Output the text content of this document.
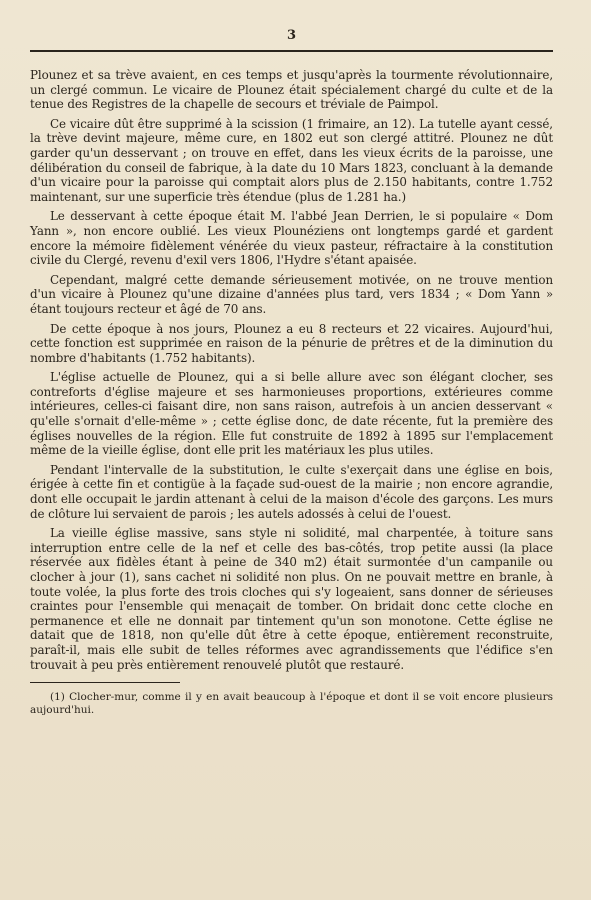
3

Plounez et sa trève avaient, en ces temps et jusqu'après la tourmente révolutionnaire, un clergé commun. Le vicaire de Plounez était spécialement chargé du culte et de la tenue des Registres de la chapelle de secours et tréviale de Paimpol.

Ce vicaire dût être supprimé à la scission (1 frimaire, an 12). La tutelle ayant cessé, la trève devint majeure, même cure, en 1802 eut son clergé attitré. Plounez ne dût garder qu'un desservant ; on trouve en effet, dans les vieux écrits de la paroisse, une délibération du conseil de fabrique, à la date du 10 Mars 1823, concluant à la demande d'un vicaire pour la paroisse qui comptait alors plus de 2.150 habitants, contre 1.752 maintenant, sur une superficie très étendue (plus de 1.281 ha.)

Le desservant à cette époque était M. l'abbé Jean Derrien, le si populaire « Dom Yann », non encore oublié. Les vieux Plounéziens ont longtemps gardé et gardent encore la mémoire fidèlement vénérée du vieux pasteur, réfractaire à la constitution civile du Clergé, revenu d'exil vers 1806, l'Hydre s'étant apaisée.

Cependant, malgré cette demande sérieusement motivée, on ne trouve mention d'un vicaire à Plounez qu'une dizaine d'années plus tard, vers 1834 ; « Dom Yann » étant toujours recteur et âgé de 70 ans.

De cette époque à nos jours, Plounez a eu 8 recteurs et 22 vicaires. Aujourd'hui, cette fonction est supprimée en raison de la pénurie de prêtres et de la diminution du nombre d'habitants (1.752 habitants).

L'église actuelle de Plounez, qui a si belle allure avec son élégant clocher, ses contreforts d'église majeure et ses harmonieuses proportions, extérieures comme intérieures, celles-ci faisant dire, non sans raison, autrefois à un ancien desservant « qu'elle s'ornait d'elle-même » ; cette église donc, de date récente, fut la première des églises nouvelles de la région. Elle fut construite de 1892 à 1895 sur l'emplacement même de la vieille église, dont elle prit les matériaux les plus utiles.

Pendant l'intervalle de la substitution, le culte s'exerçait dans une église en bois, érigée à cette fin et contigüe à la façade sud-ouest de la mairie ; non encore agrandie, dont elle occupait le jardin attenant à celui de la maison d'école des garçons. Les murs de clôture lui servaient de parois ; les autels adossés à celui de l'ouest.

La vieille église massive, sans style ni solidité, mal charpentée, à toiture sans interruption entre celle de la nef et celle des bas-côtés, trop petite aussi (la place réservée aux fidèles étant à peine de 340 m2) était surmontée d'un campanile ou clocher à jour (1), sans cachet ni solidité non plus. On ne pouvait mettre en branle, à toute volée, la plus forte des trois cloches qui s'y logeaient, sans donner de sérieuses craintes pour l'ensemble qui menaçait de tomber. On bridait donc cette cloche en permanence et elle ne donnait par tintement qu'un son monotone. Cette église ne datait que de 1818, non qu'elle dût être à cette époque, entièrement reconstruite, paraît-il, mais elle subit de telles réformes avec agrandissements que l'édifice s'en trouvait à peu près entièrement renouvelé plutôt que restauré.

(1) Clocher-mur, comme il y en avait beaucoup à l'époque et dont il se voit encore plusieurs aujourd'hui.
